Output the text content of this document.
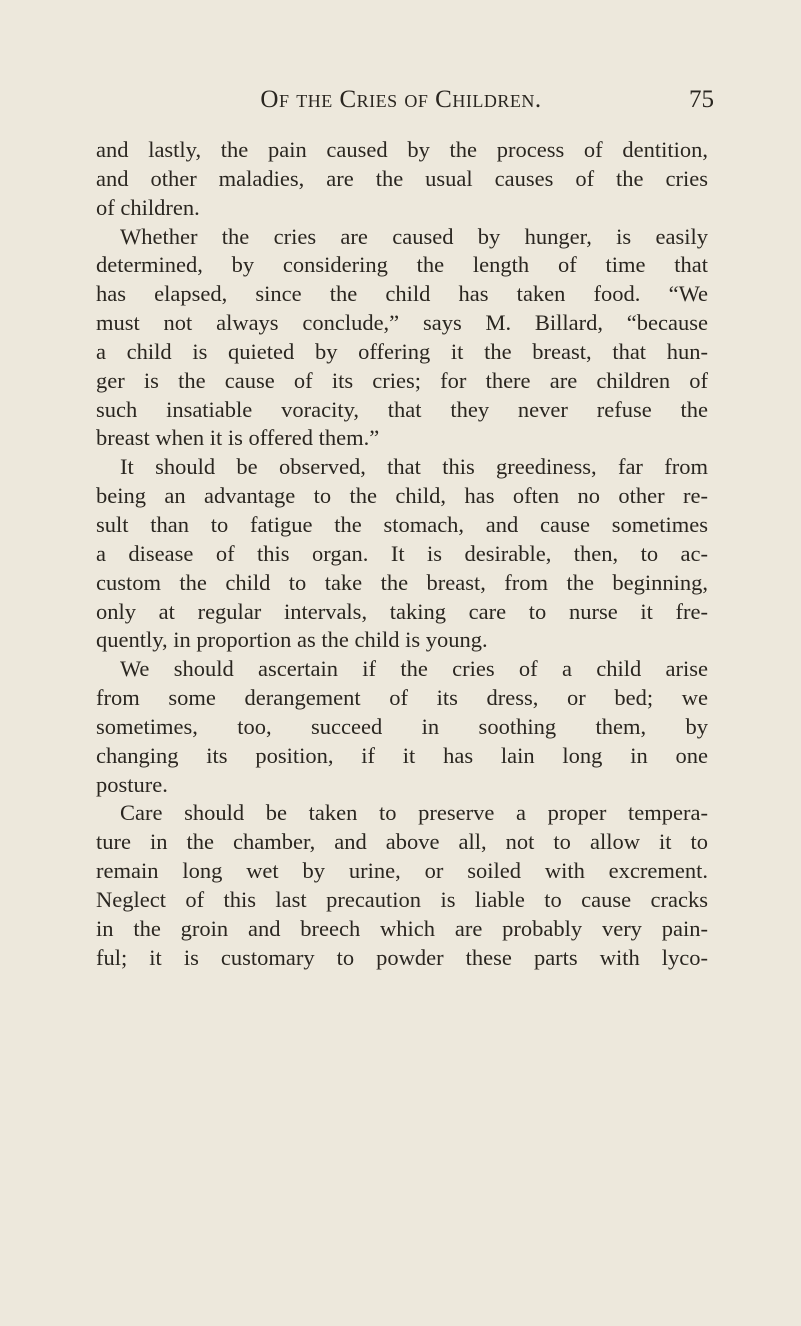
Of the Cries of Children.	75
and lastly, the pain caused by the process of dentition,
and other maladies, are the usual causes of the cries
of children.
Whether the cries are caused by hunger, is easily
determined, by considering the length of time that
has elapsed, since the child has taken food. “We
must not always conclude,” says M. Billard, “because
a child is quieted by offering it the breast, that hun-
ger is the cause of its cries; for there are children of
such insatiable voracity, that they never refuse the
breast when it is offered them.”
It should be observed, that this greediness, far from
being an advantage to the child, has often no other re-
sult than to fatigue the stomach, and cause sometimes
a disease of this organ. It is desirable, then, to ac-
custom the child to take the breast, from the beginning,
only at regular intervals, taking care to nurse it fre-
quently, in proportion as the child is young.
We should ascertain if the cries of a child arise
from some derangement of its dress, or bed; we
sometimes, too, succeed in soothing them, by
changing its position, if it has lain long in one
posture.
Care should be taken to preserve a proper tempera-
ture in the chamber, and above all, not to allow it to
remain long wet by urine, or soiled with excrement.
Neglect of this last precaution is liable to cause cracks
in the groin and breech which are probably very pain-
ful; it is customary to powder these parts with lyco-
